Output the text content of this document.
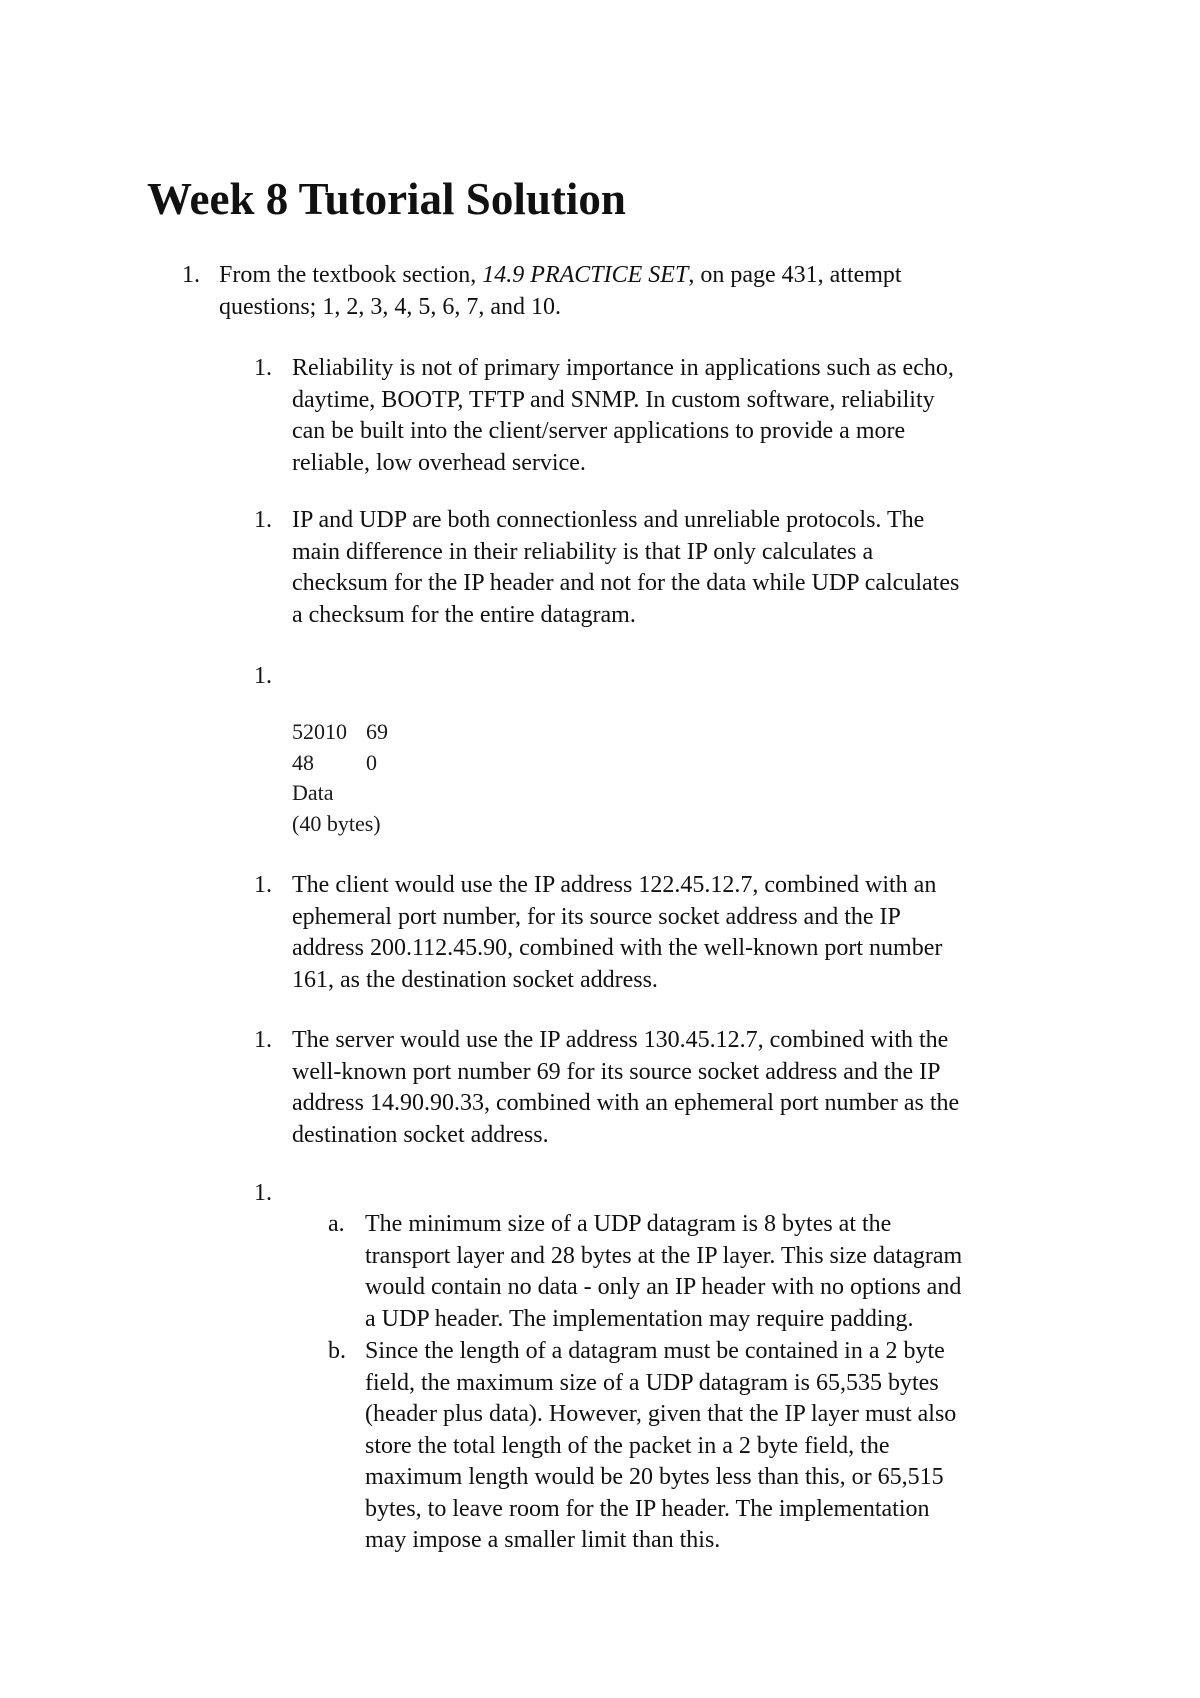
Week 8 Tutorial Solution
1. From the textbook section, 14.9 PRACTICE SET, on page 431, attempt
questions; 1, 2, 3, 4, 5, 6, 7, and 10.
1. Reliability is not of primary importance in applications such as echo,
daytime, BOOTP, TFTP and SNMP. In custom software, reliability
can be built into the client/server applications to provide a more
reliable, low overhead service.
1. IP and UDP are both connectionless and unreliable protocols. The
main difference in their reliability is that IP only calculates a
checksum for the IP header and not for the data while UDP calculates
a checksum for the entire datagram.
1.
52010 69
48 0
Data
(40 bytes)
1. The client would use the IP address 122.45.12.7, combined with an
ephemeral port number, for its source socket address and the IP
address 200.112.45.90, combined with the well-known port number
161, as the destination socket address.
1. The server would use the IP address 130.45.12.7, combined with the
well-known port number 69 for its source socket address and the IP
address 14.90.90.33, combined with an ephemeral port number as the
destination socket address.
1.
a. The minimum size of a UDP datagram is 8 bytes at the
transport layer and 28 bytes at the IP layer. This size datagram
would contain no data - only an IP header with no options and
a UDP header. The implementation may require padding.
b. Since the length of a datagram must be contained in a 2 byte
field, the maximum size of a UDP datagram is 65,535 bytes
(header plus data). However, given that the IP layer must also
store the total length of the packet in a 2 byte field, the
maximum length would be 20 bytes less than this, or 65,515
bytes, to leave room for the IP header. The implementation
may impose a smaller limit than this.
